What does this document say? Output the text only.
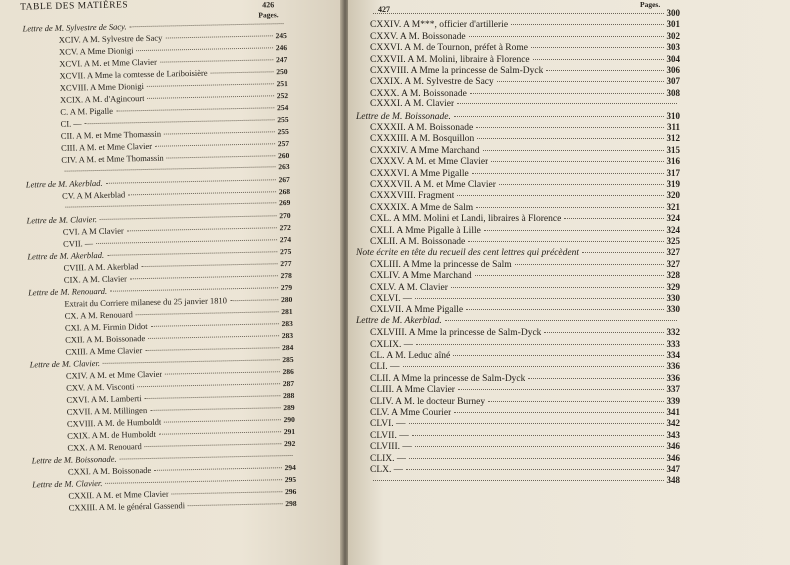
TABLE DES MATIÈRES	426
Pages.
Lettre de M. Sylvestre de Sacy.
XCIV. A M. Sylvestre de Sacy	245
XCV. A Mme Dionigi	246
XCVI. A M. et Mme Clavier	247
XCVII. A Mme la comtesse de Lariboisière	250
XCVIII. A Mme Dionigi	251
XCIX. A M. d'Agincourt	252
C. A M. Pigalle	254
CI. —	255
CII. A M. et Mme Thomassin	255
CIII. A M. et Mme Clavier	257
CIV. A M. et Mme Thomassin	260
263
Lettre de M. Akerblad.	267
CV. A M Akerblad	268
269
Lettre de M. Clavier.	270
CVI. A M Clavier	272
CVII. —	274
Lettre de M. Akerblad.	275
CVIII. A M. Akerblad	277
CIX. A M. Clavier	278
Lettre de M. Renouard.	279
Extrait du Corriere milanese du 25 janvier 1810	280
CX. A M. Renouard	281
CXI. A M. Firmin Didot	283
CXII. A M. Boissonade	283
CXIII. A Mme Clavier	284
Lettre de M. Clavier.	285
CXIV. A M. et Mme Clavier	286
CXV. A M. Visconti	287
CXVI. A M. Lamberti	288
CXVII. A M. Millingen	289
CXVIII. A M. de Humboldt	290
CXIX. A M. de Humboldt	291
CXX. A M. Renouard	292
Lettre de M. Boissonade.
CXXI. A M. Boissonade	294
Lettre de M. Clavier.	295
CXXII. A M. et Mme Clavier	296
CXXIII. A M. le général Gassendi	298
427
Pages.
300
CXXIV. A M***, officier d'artillerie	301
CXXV. A M. Boissonade	302
CXXVI. A M. de Tournon, préfet à Rome	303
CXXVII. A M. Molini, libraire à Florence	304
CXXVIII. A Mme la princesse de Salm-Dyck	306
CXXIX. A M. Sylvestre de Sacy	307
CXXX. A M. Boissonade	308
CXXXI. A M. Clavier
Lettre de M. Boissonade.	310
CXXXII. A M. Boissonade	311
CXXXIII. A M. Bosquillon	312
CXXXIV. A Mme Marchand	315
CXXXV. A M. et Mme Clavier	316
CXXXVI. A Mme Pigalle	317
CXXXVII. A M. et Mme Clavier	319
CXXXVIII. Fragment	320
CXXXIX. A Mme de Salm	321
CXL. A MM. Molini et Landi, libraires à Florence	324
CXLI. A Mme Pigalle à Lille	324
CXLII. A M. Boissonade	325
Note écrite en tête du recueil des cent lettres qui précèdent	327
CXLIII. A Mme la princesse de Salm	327
CXLIV. A Mme Marchand	328
CXLV. A M. Clavier	329
CXLVI. —	330
CXLVII. A Mme Pigalle	330
Lettre de M. Akerblad.
CXLVIII. A Mme la princesse de Salm-Dyck	332
CXLIX. —	333
CL. A M. Leduc aîné	334
CLI. —	336
CLII. A Mme la princesse de Salm-Dyck	336
CLIII. A Mme Clavier	337
CLIV. A M. le docteur Burney	339
CLV. A Mme Courier	341
CLVI. —	342
CLVII. —	343
CLVIII. —	346
CLIX. —	346
CLX. —	347
348
